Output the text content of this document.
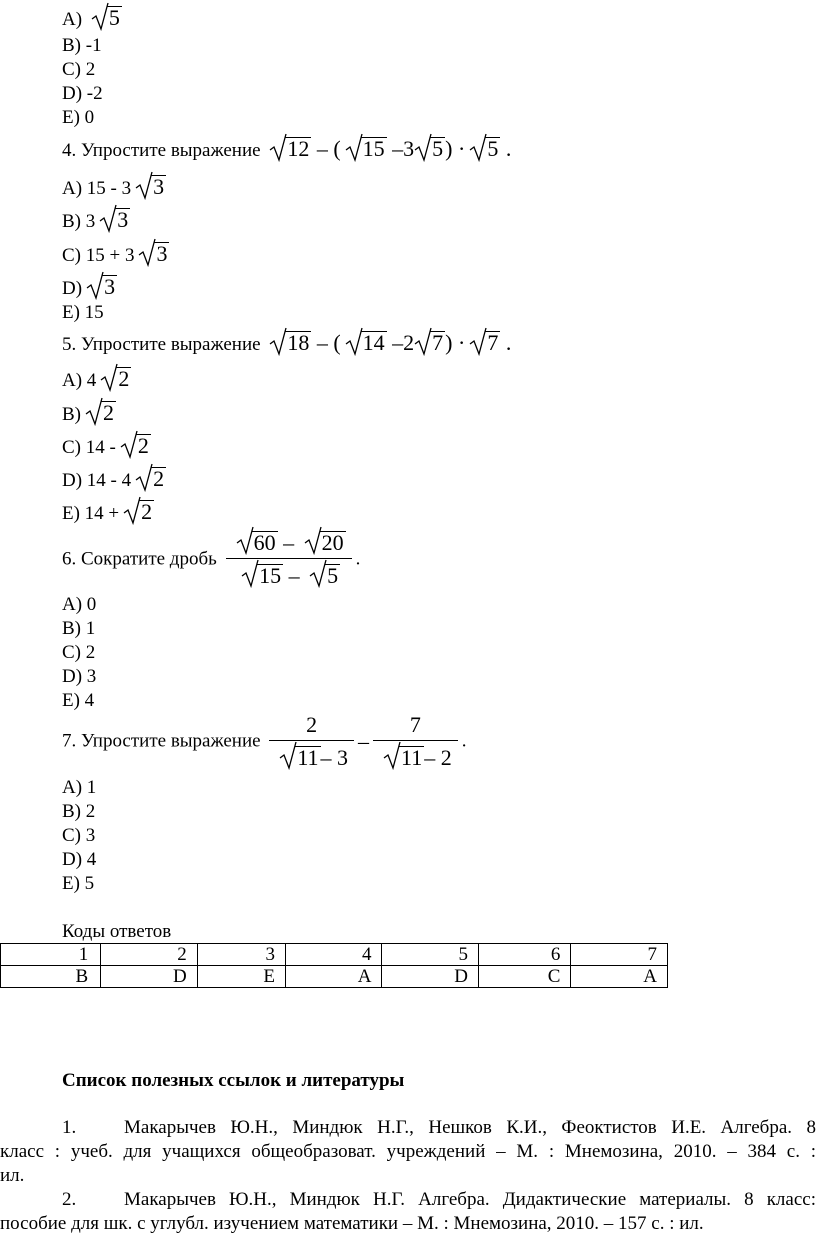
A) 5
B) -1
C) 2
D) -2
E) 0
4. Упростите выражение 12 – ( 15 –3 5) · 5 .
A) 15 - 3 3
B) 3 3
C) 15 + 3 3
D) 3
E) 15
5. Упростите выражение 18 – ( 14 –2 7) · 7 .
A) 4 2
B) 2
C) 14 - 2
D) 14 - 4 2
E) 14 + 2
6. Сократите дробь 60 –
20
15 –
5 .
A) 0
B) 1
C) 2
D) 3
E) 4
7. Упростите выражение $\frac{2}{11- 3} - \frac{7}{11- 2}$ .
A) 1
B) 2
C) 3
D) 4
E) 5
Коды ответов
1	2	3	4	5	6	7
B	D	E	A	D	C	A
Список полезных ссылок и литературы
1.	Макарычев Ю.Н., Миндюк Н.Г., Нешков К.И., Феоктистов И.Е. Алгебра. 8
класс : учеб. для учащихся общеобразоват. учреждений – М. : Мнемозина, 2010. – 384 с. :
ил.
2.	Макарычев Ю.Н., Миндюк Н.Г. Алгебра. Дидактические материалы. 8 класс:
пособие для шк. с углубл. изучением математики – М. : Мнемозина, 2010. – 157 с. : ил.
